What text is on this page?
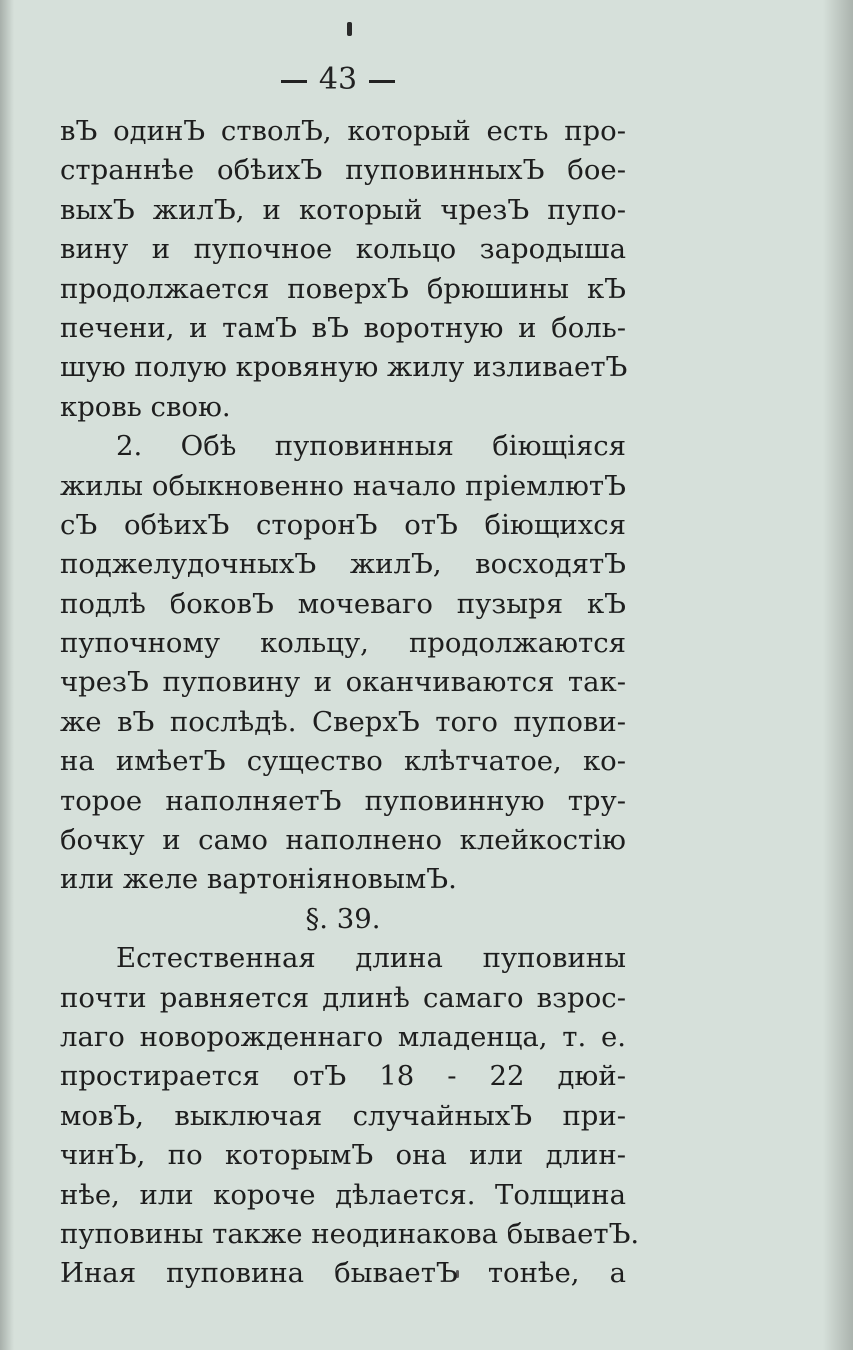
43
вЪ одинЪ стволЪ, который есть про-
страннѣе обѣихЪ пуповинныхЪ бое-
выхЪ жилЪ, и который чрезЪ пупо-
вину и пупочное кольцо зародыша
продолжается поверхЪ брюшины кЪ
печени, и тамЪ вЪ воротную и боль-
шую полую кровяную жилу изливаетЪ
кровь свою.
2. Обѣ пуповинныя біющіяся
жилы обыкновенно начало пріемлютЪ
сЪ обѣихЪ сторонЪ отЪ біющихся
поджелудочныхЪ жилЪ, восходятЪ
подлѣ боковЪ мочеваго пузыря кЪ
пупочному кольцу, продолжаются
чрезЪ пуповину и оканчиваются так-
же вЪ послѣдѣ. СверхЪ того пупови-
на имѣетЪ существо клѣтчатое, ко-
торое наполняетЪ пуповинную тру-
бочку и само наполнено клейкостію
или желе вартоніяновымЪ.
§. 39.
Естественная длина пуповины
почти равняется длинѣ самаго взрос-
лаго новорожденнаго младенца, т. е.
простирается отЪ 18 - 22 дюй-
мовЪ, выключая случайныхЪ при-
чинЪ, по которымЪ она или длин-
нѣе, или короче дѣлается. Толщина
пуповины также неодинакова бываетЪ.
Иная пуповина бываетЪ тонѣе, а
